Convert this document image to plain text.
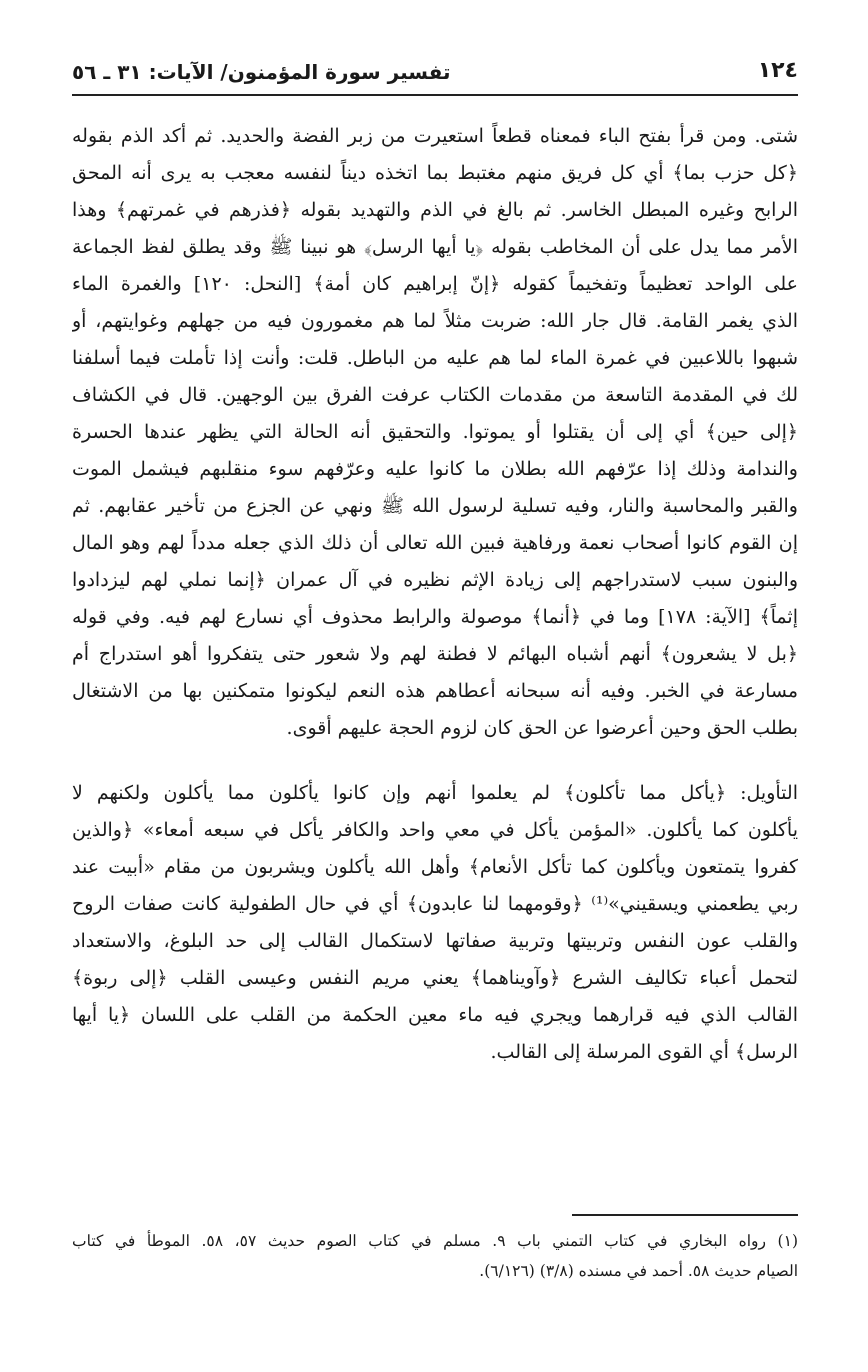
١٢٤
تفسير سورة المؤمنون/ الآيات: ٣١ ـ ٥٦
شتى. ومن قرأ بفتح الباء فمعناه قطعاً استعيرت من زبر الفضة والحديد. ثم أكد الذم بقوله
﴿كل حزب بما﴾ أي كل فريق منهم مغتبط بما اتخذه ديناً لنفسه معجب به يرى أنه المحق
الرابح وغيره المبطل الخاسر. ثم بالغ في الذم والتهديد بقوله ﴿فذرهم في غمرتهم﴾ وهذا
الأمر مما يدل على أن المخاطب بقوله ﴿يا أيها الرسل﴾ هو نبينا ﷺ وقد يطلق لفظ الجماعة
على الواحد تعظيماً وتفخيماً كقوله ﴿إنّ إبراهيم كان أمة﴾ [النحل: ١٢٠] والغمرة الماء
الذي يغمر القامة. قال جار الله: ضربت مثلاً لما هم مغمورون فيه من جهلهم وغوايتهم، أو
شبهوا باللاعبين في غمرة الماء لما هم عليه من الباطل. قلت: وأنت إذا تأملت فيما أسلفنا
لك في المقدمة التاسعة من مقدمات الكتاب عرفت الفرق بين الوجهين. قال في الكشاف
﴿إلى حين﴾ أي إلى أن يقتلوا أو يموتوا. والتحقيق أنه الحالة التي يظهر عندها الحسرة
والندامة وذلك إذا عرّفهم الله بطلان ما كانوا عليه وعرّفهم سوء منقلبهم فيشمل الموت
والقبر والمحاسبة والنار، وفيه تسلية لرسول الله ﷺ ونهي عن الجزع من تأخير عقابهم. ثم
إن القوم كانوا أصحاب نعمة ورفاهية فبين الله تعالى أن ذلك الذي جعله مدداً لهم وهو المال
والبنون سبب لاستدراجهم إلى زيادة الإثم نظيره في آل عمران ﴿إنما نملي لهم ليزدادوا
إثماً﴾ [الآية: ١٧٨] وما في ﴿أنما﴾ موصولة والرابط محذوف أي نسارع لهم فيه. وفي قوله
﴿بل لا يشعرون﴾ أنهم أشباه البهائم لا فطنة لهم ولا شعور حتى يتفكروا أهو استدراج أم
مسارعة في الخبر. وفيه أنه سبحانه أعطاهم هذه النعم ليكونوا متمكنين بها من الاشتغال
بطلب الحق وحين أعرضوا عن الحق كان لزوم الحجة عليهم أقوى.
التأويل: ﴿يأكل مما تأكلون﴾ لم يعلموا أنهم وإن كانوا يأكلون مما يأكلون ولكنهم لا
يأكلون كما يأكلون. «المؤمن يأكل في معي واحد والكافر يأكل في سبعه أمعاء» ﴿والذين
كفروا يتمتعون ويأكلون كما تأكل الأنعام﴾ وأهل الله يأكلون ويشربون من مقام «أبيت عند
ربي يطعمني ويسقيني»⁽¹⁾ ﴿وقومهما لنا عابدون﴾ أي في حال الطفولية كانت صفات الروح
والقلب عون النفس وتربيتها وتربية صفاتها لاستكمال القالب إلى حد البلوغ، والاستعداد
لتحمل أعباء تكاليف الشرع ﴿وآويناهما﴾ يعني مريم النفس وعيسى القلب ﴿إلى ربوة﴾
القالب الذي فيه قرارهما ويجري فيه ماء معين الحكمة من القلب على اللسان ﴿يا أيها
الرسل﴾ أي القوى المرسلة إلى القالب.
(١) رواه البخاري في كتاب التمني باب ٩. مسلم في كتاب الصوم حديث ٥٧، ٥٨. الموطأ في كتاب
الصيام حديث ٥٨. أحمد في مسنده (٣/٨) (٦/١٢٦).
